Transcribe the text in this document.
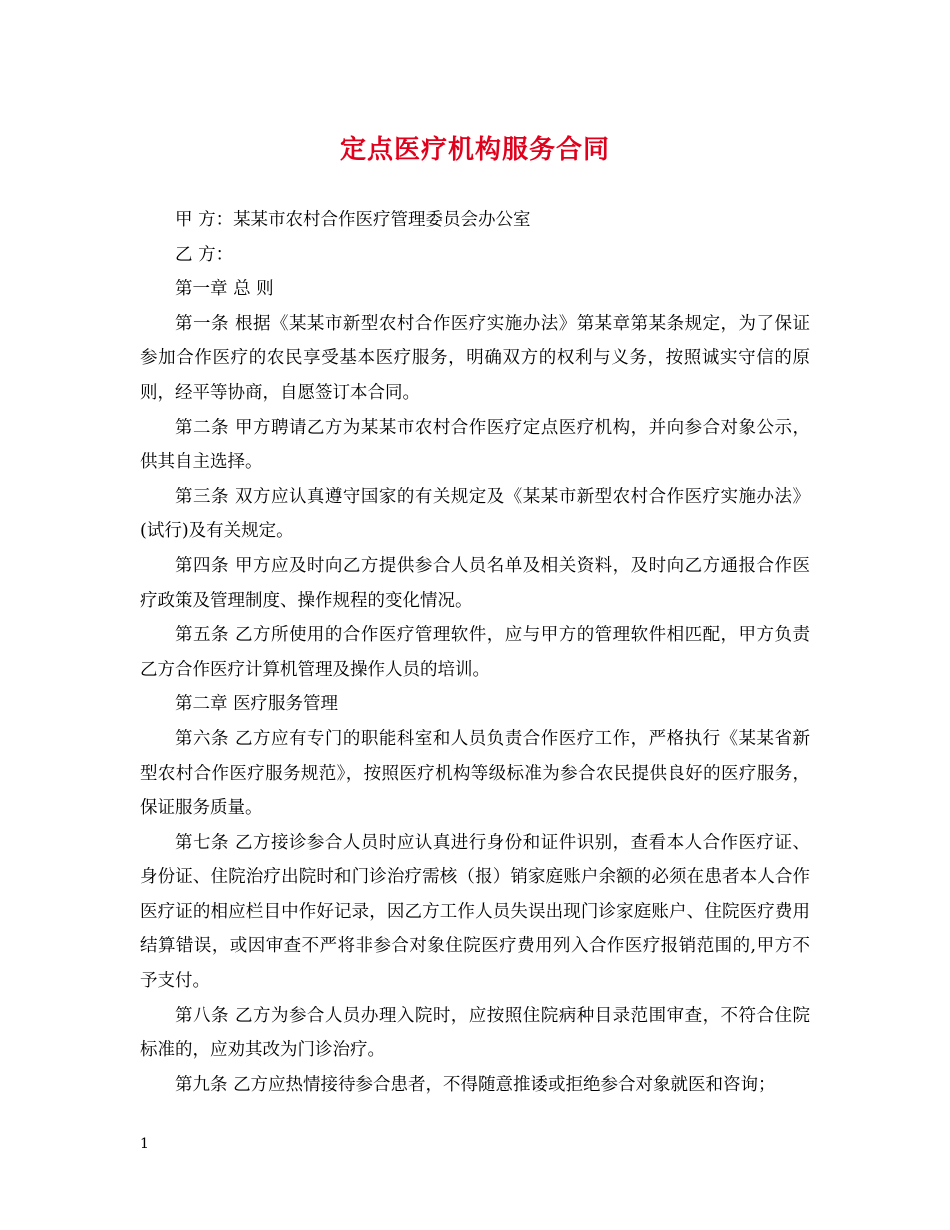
定点医疗机构服务合同

甲 方：某某市农村合作医疗管理委员会办公室

乙 方：

第一章 总 则

第一条 根据《某某市新型农村合作医疗实施办法》第某章第某条规定，为了保证参加合作医疗的农民享受基本医疗服务，明确双方的权利与义务，按照诚实守信的原则，经平等协商，自愿签订本合同。

第二条 甲方聘请乙方为某某市农村合作医疗定点医疗机构，并向参合对象公示，供其自主选择。

第三条 双方应认真遵守国家的有关规定及《某某市新型农村合作医疗实施办法》(试行)及有关规定。

第四条 甲方应及时向乙方提供参合人员名单及相关资料，及时向乙方通报合作医疗政策及管理制度、操作规程的变化情况。

第五条 乙方所使用的合作医疗管理软件，应与甲方的管理软件相匹配，甲方负责乙方合作医疗计算机管理及操作人员的培训。

第二章 医疗服务管理

第六条 乙方应有专门的职能科室和人员负责合作医疗工作，严格执行《某某省新型农村合作医疗服务规范》，按照医疗机构等级标准为参合农民提供良好的医疗服务，保证服务质量。

第七条 乙方接诊参合人员时应认真进行身份和证件识别，查看本人合作医疗证、身份证、住院治疗出院时和门诊治疗需核（报）销家庭账户余额的必须在患者本人合作医疗证的相应栏目中作好记录，因乙方工作人员失误出现门诊家庭账户、住院医疗费用结算错误，或因审查不严将非参合对象住院医疗费用列入合作医疗报销范围的,甲方不予支付。

第八条 乙方为参合人员办理入院时，应按照住院病种目录范围审查，不符合住院标准的，应劝其改为门诊治疗。

第九条 乙方应热情接待参合患者，不得随意推诿或拒绝参合对象就医和咨询；

1
